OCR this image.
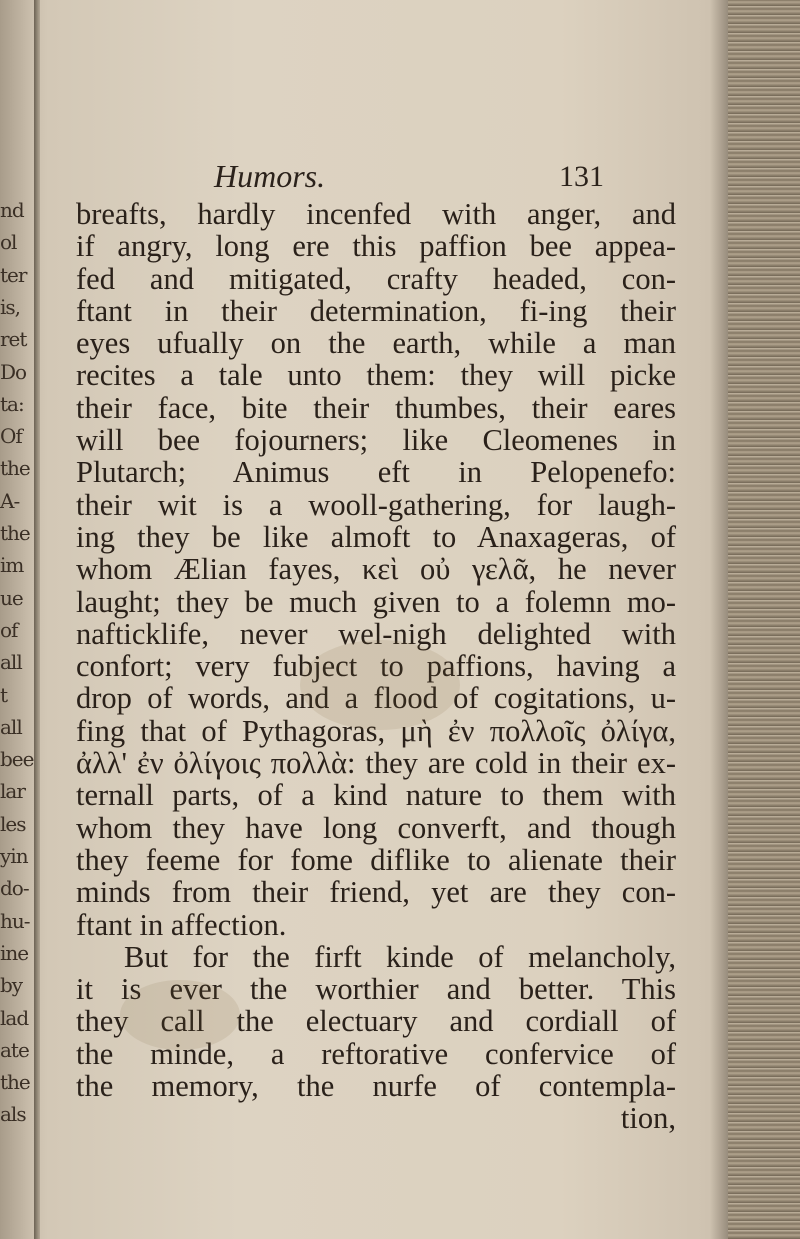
nd
ol
ter
is,
ret
Do
ta:
Of
the
A-
the
im
ue
of
all
t
all
bee
lar
les
yin
do-
hu-
ine
by
lad
ate
the
als
Humors.	131
breafts, hardly incenfed with anger, and
if angry, long ere this paffion bee appea-
fed and mitigated, crafty headed, con-
ftant in their determination, fi-ing their
eyes ufually on the earth, while a man
recites a tale unto them: they will picke
their face, bite their thumbes, their eares
will bee fojourners; like Cleomenes in
Plutarch; Animus eft in Pelopenefo:
their wit is a wooll-gathering, for laugh-
ing they be like almoft to Anaxageras, of
whom Ælian fayes, κεὶ οὐ γελᾶ, he never
laught; they be much given to a folemn mo-
nafticklife, never wel-nigh delighted with
confort; very fubject to paffions, having a
drop of words, and a flood of cogitations, u-
fing that of Pythagoras, μὴ ἐν πολλοῖς ὀλίγα,
ἀλλ' ἐν ὀλίγοις πολλὰ: they are cold in their ex-
ternall parts, of a kind nature to them with
whom they have long converft, and though
they feeme for fome diflike to alienate their
minds from their friend, yet are they con-
ftant in affection.
But for the firft kinde of melancholy,
it is ever the worthier and better. This
they call the electuary and cordiall of
the minde, a reftorative confervice of
the memory, the nurfe of contempla-
tion,
